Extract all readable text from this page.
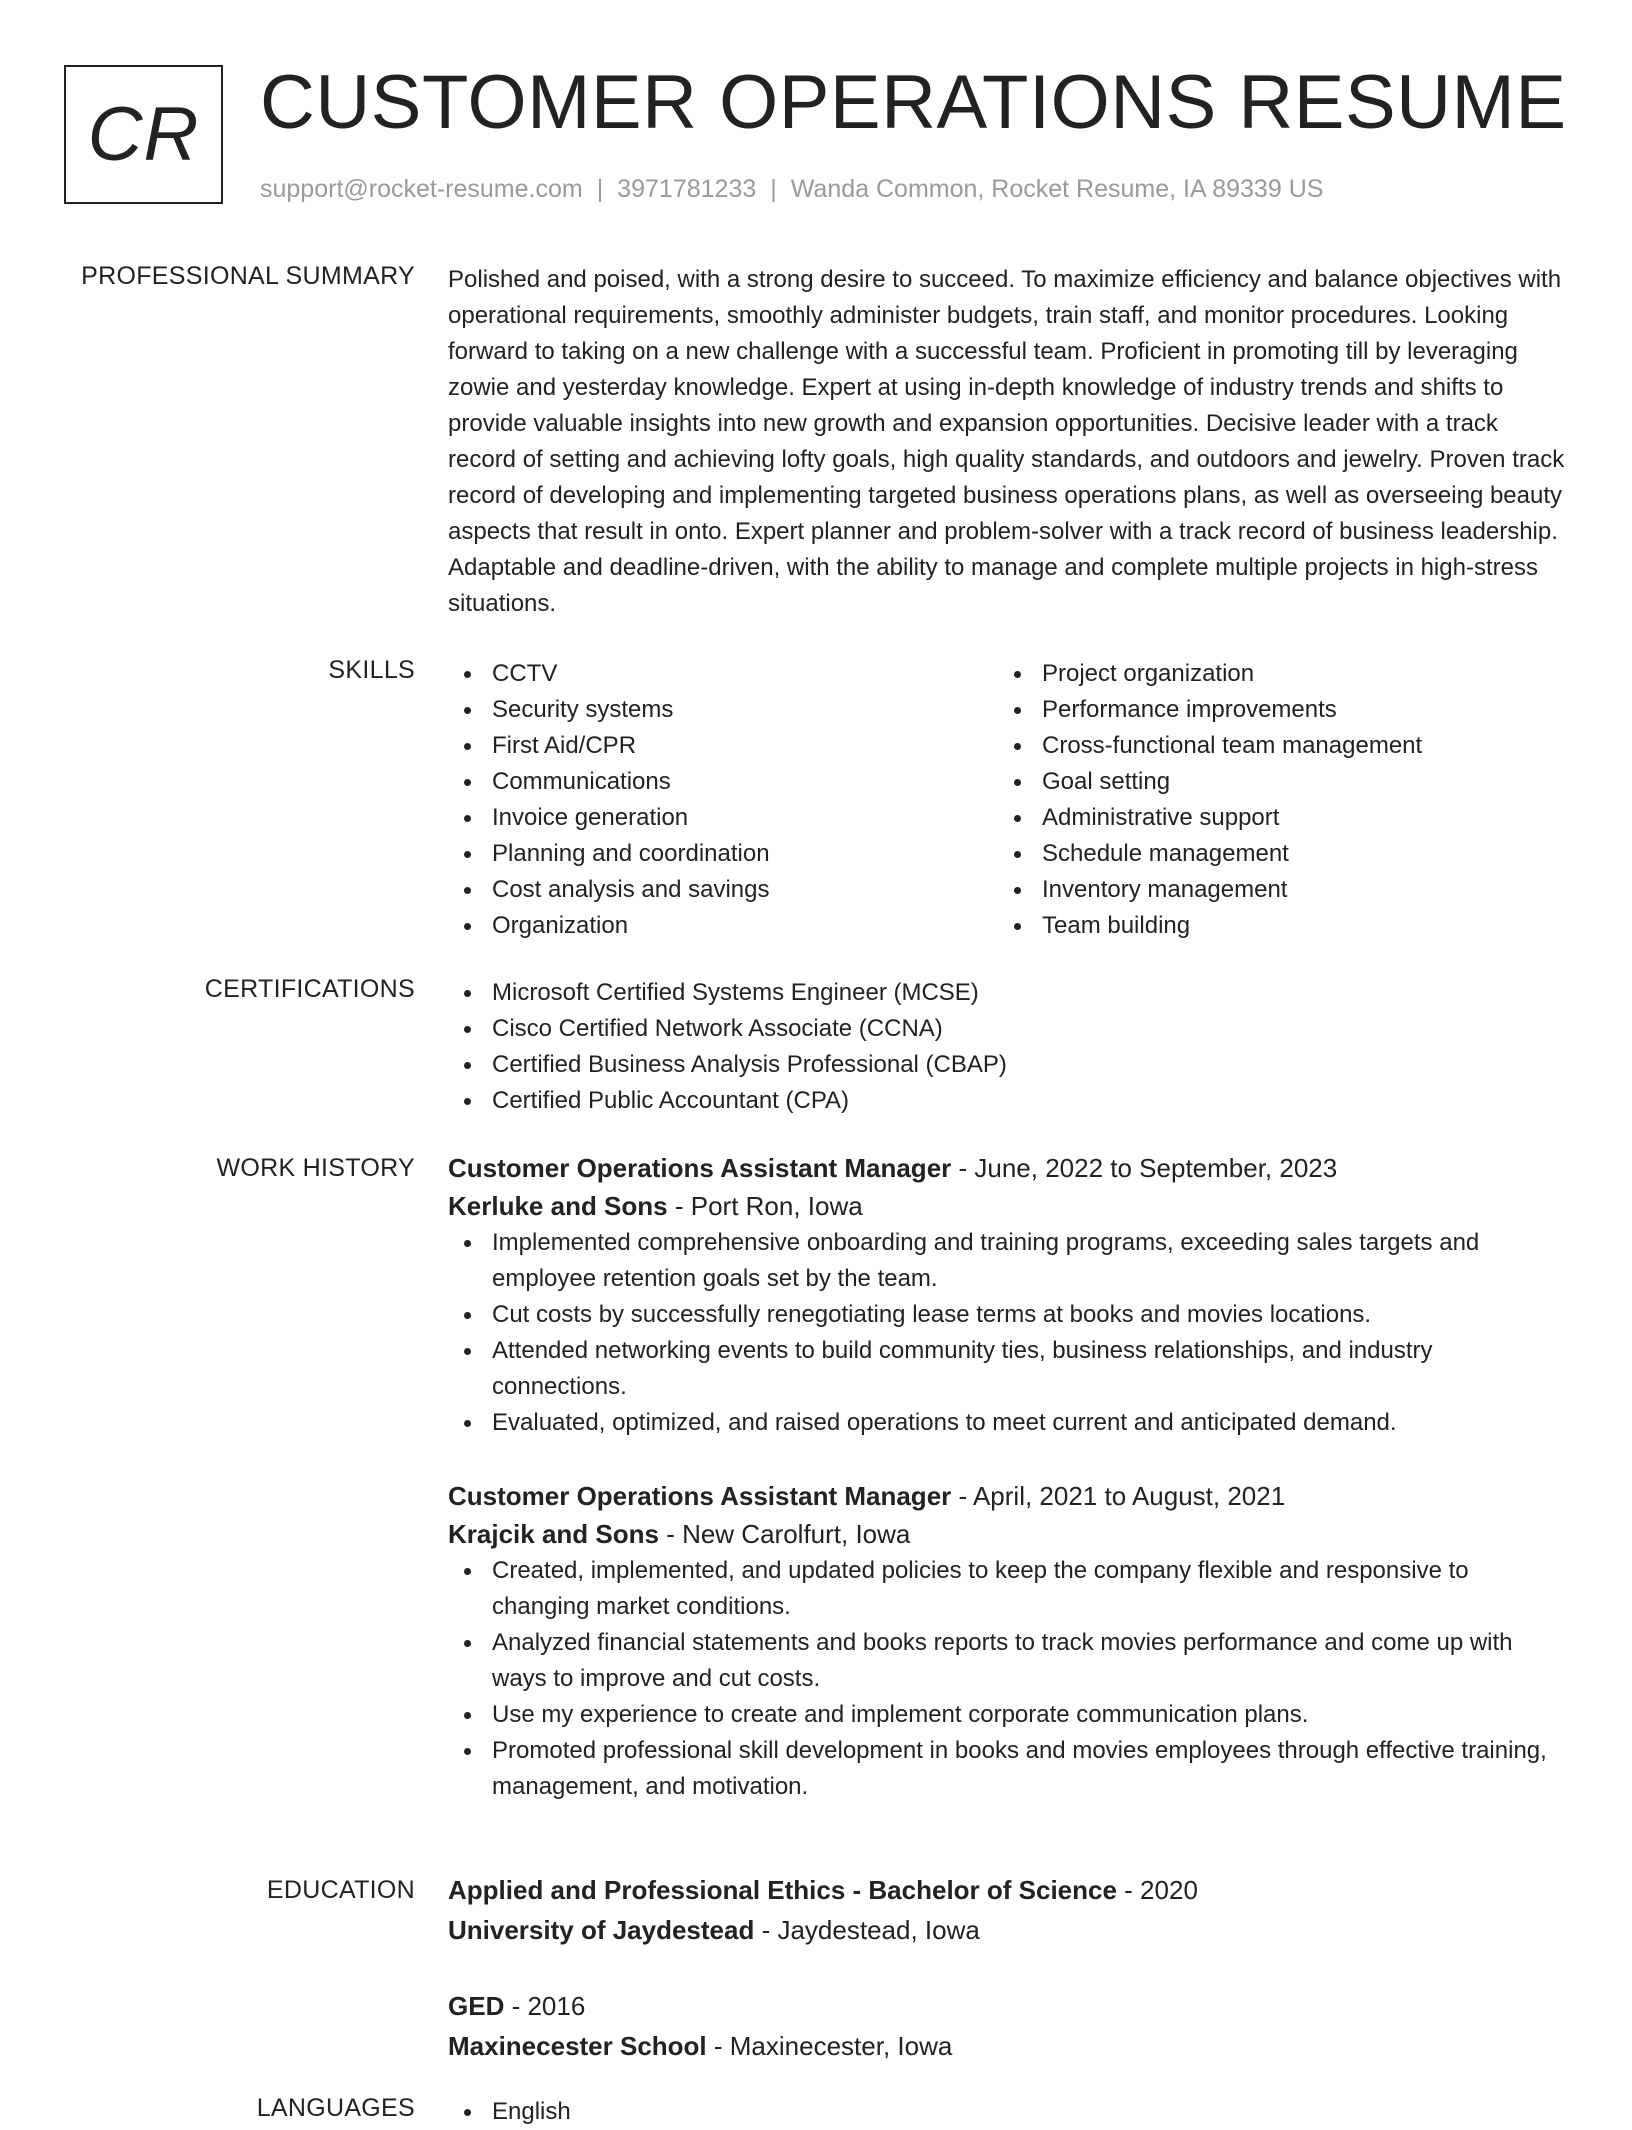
CR CUSTOMER OPERATIONS RESUME
support@rocket-resume.com | 3971781233 | Wanda Common, Rocket Resume, IA 89339 US
PROFESSIONAL SUMMARY Polished and poised, with a strong desire to succeed. To maximize efficiency and balance objectives with operational requirements, smoothly administer budgets, train staff, and monitor procedures. Looking forward to taking on a new challenge with a successful team. Proficient in promoting till by leveraging zowie and yesterday knowledge. Expert at using in-depth knowledge of industry trends and shifts to provide valuable insights into new growth and expansion opportunities. Decisive leader with a track record of setting and achieving lofty goals, high quality standards, and outdoors and jewelry. Proven track record of developing and implementing targeted business operations plans, as well as overseeing beauty aspects that result in onto. Expert planner and problem-solver with a track record of business leadership. Adaptable and deadline-driven, with the ability to manage and complete multiple projects in high-stress situations.

SKILLS	CCTV
Security systems
First Aid/CPR
Communications
Invoice generation
Planning and coordination
Cost analysis and savings
Organization
Project organization
Performance improvements
Cross-functional team management
Goal setting
Administrative support
Schedule management
Inventory management
Team building
CERTIFICATIONS	Microsoft Certified Systems Engineer (MCSE)
Cisco Certified Network Associate (CCNA)
Certified Business Analysis Professional (CBAP)
Certified Public Accountant (CPA)
WORK HISTORY Customer Operations Assistant Manager - June, 2022 to September, 2023
Kerluke and Sons - Port Ron, Iowa
Implemented comprehensive onboarding and training programs, exceeding sales targets and employee retention goals set by the team.
Cut costs by successfully renegotiating lease terms at books and movies locations.
Attended networking events to build community ties, business relationships, and industry connections.
Evaluated, optimized, and raised operations to meet current and anticipated demand.
Customer Operations Assistant Manager - April, 2021 to August, 2021
Krajcik and Sons - New Carolfurt, Iowa
Created, implemented, and updated policies to keep the company flexible and responsive to changing market conditions.
Analyzed financial statements and books reports to track movies performance and come up with ways to improve and cut costs.
Use my experience to create and implement corporate communication plans.
Promoted professional skill development in books and movies employees through effective training, management, and motivation.
EDUCATION Applied and Professional Ethics - Bachelor of Science - 2020
University of Jaydestead - Jaydestead, Iowa
GED - 2016
Maxinecester School - Maxinecester, Iowa
LANGUAGES	English
